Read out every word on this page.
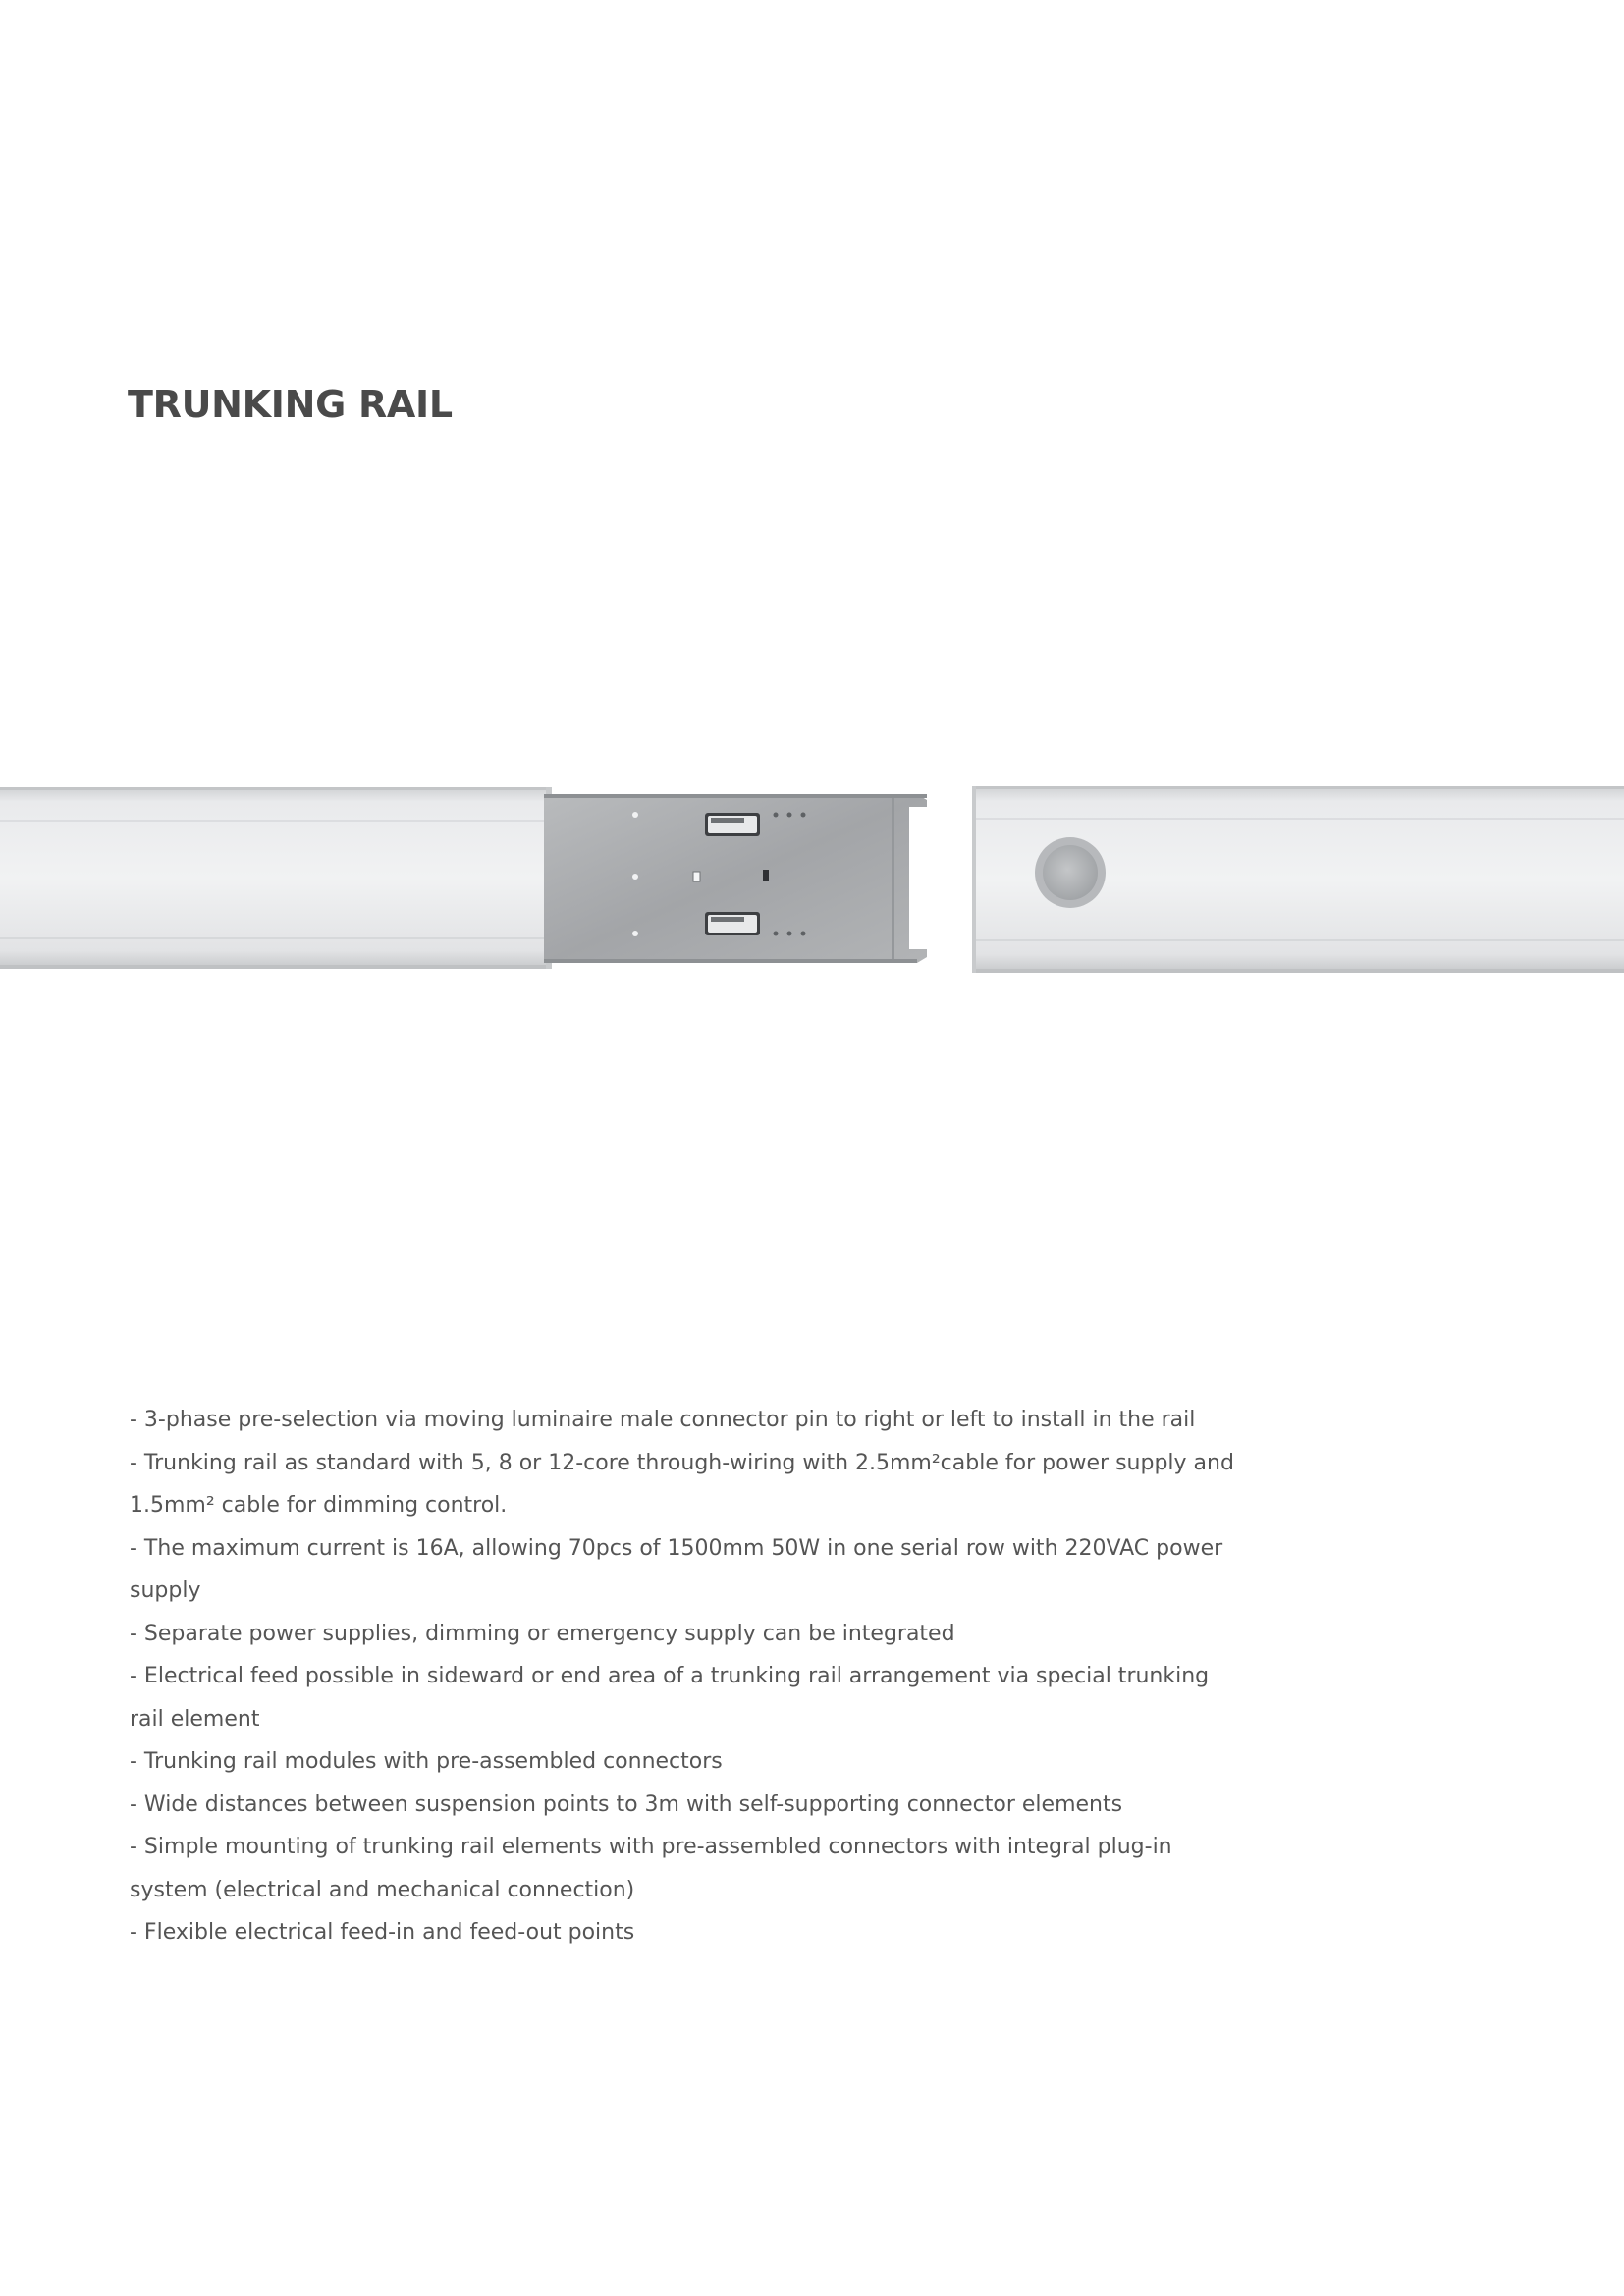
TRUNKING RAIL
- 3-phase pre-selection via moving luminaire male connector pin to right or left to install in the rail
- Trunking rail as standard with 5, 8 or 12-core through-wiring with 2.5mm²cable for power supply and 1.5mm² cable for dimming control.
- The maximum current is 16A, allowing 70pcs of 1500mm 50W in one serial row with 220VAC power supply
- Separate power supplies, dimming or emergency supply can be integrated
- Electrical feed possible in sideward or end area of a trunking rail arrangement via special trunking rail element
- Trunking rail modules with pre-assembled connectors
- Wide distances between suspension points to 3m with self-supporting connector elements
- Simple mounting of trunking rail elements with pre-assembled connectors with integral plug-in system (electrical and mechanical connection)
- Flexible electrical feed-in and feed-out points
